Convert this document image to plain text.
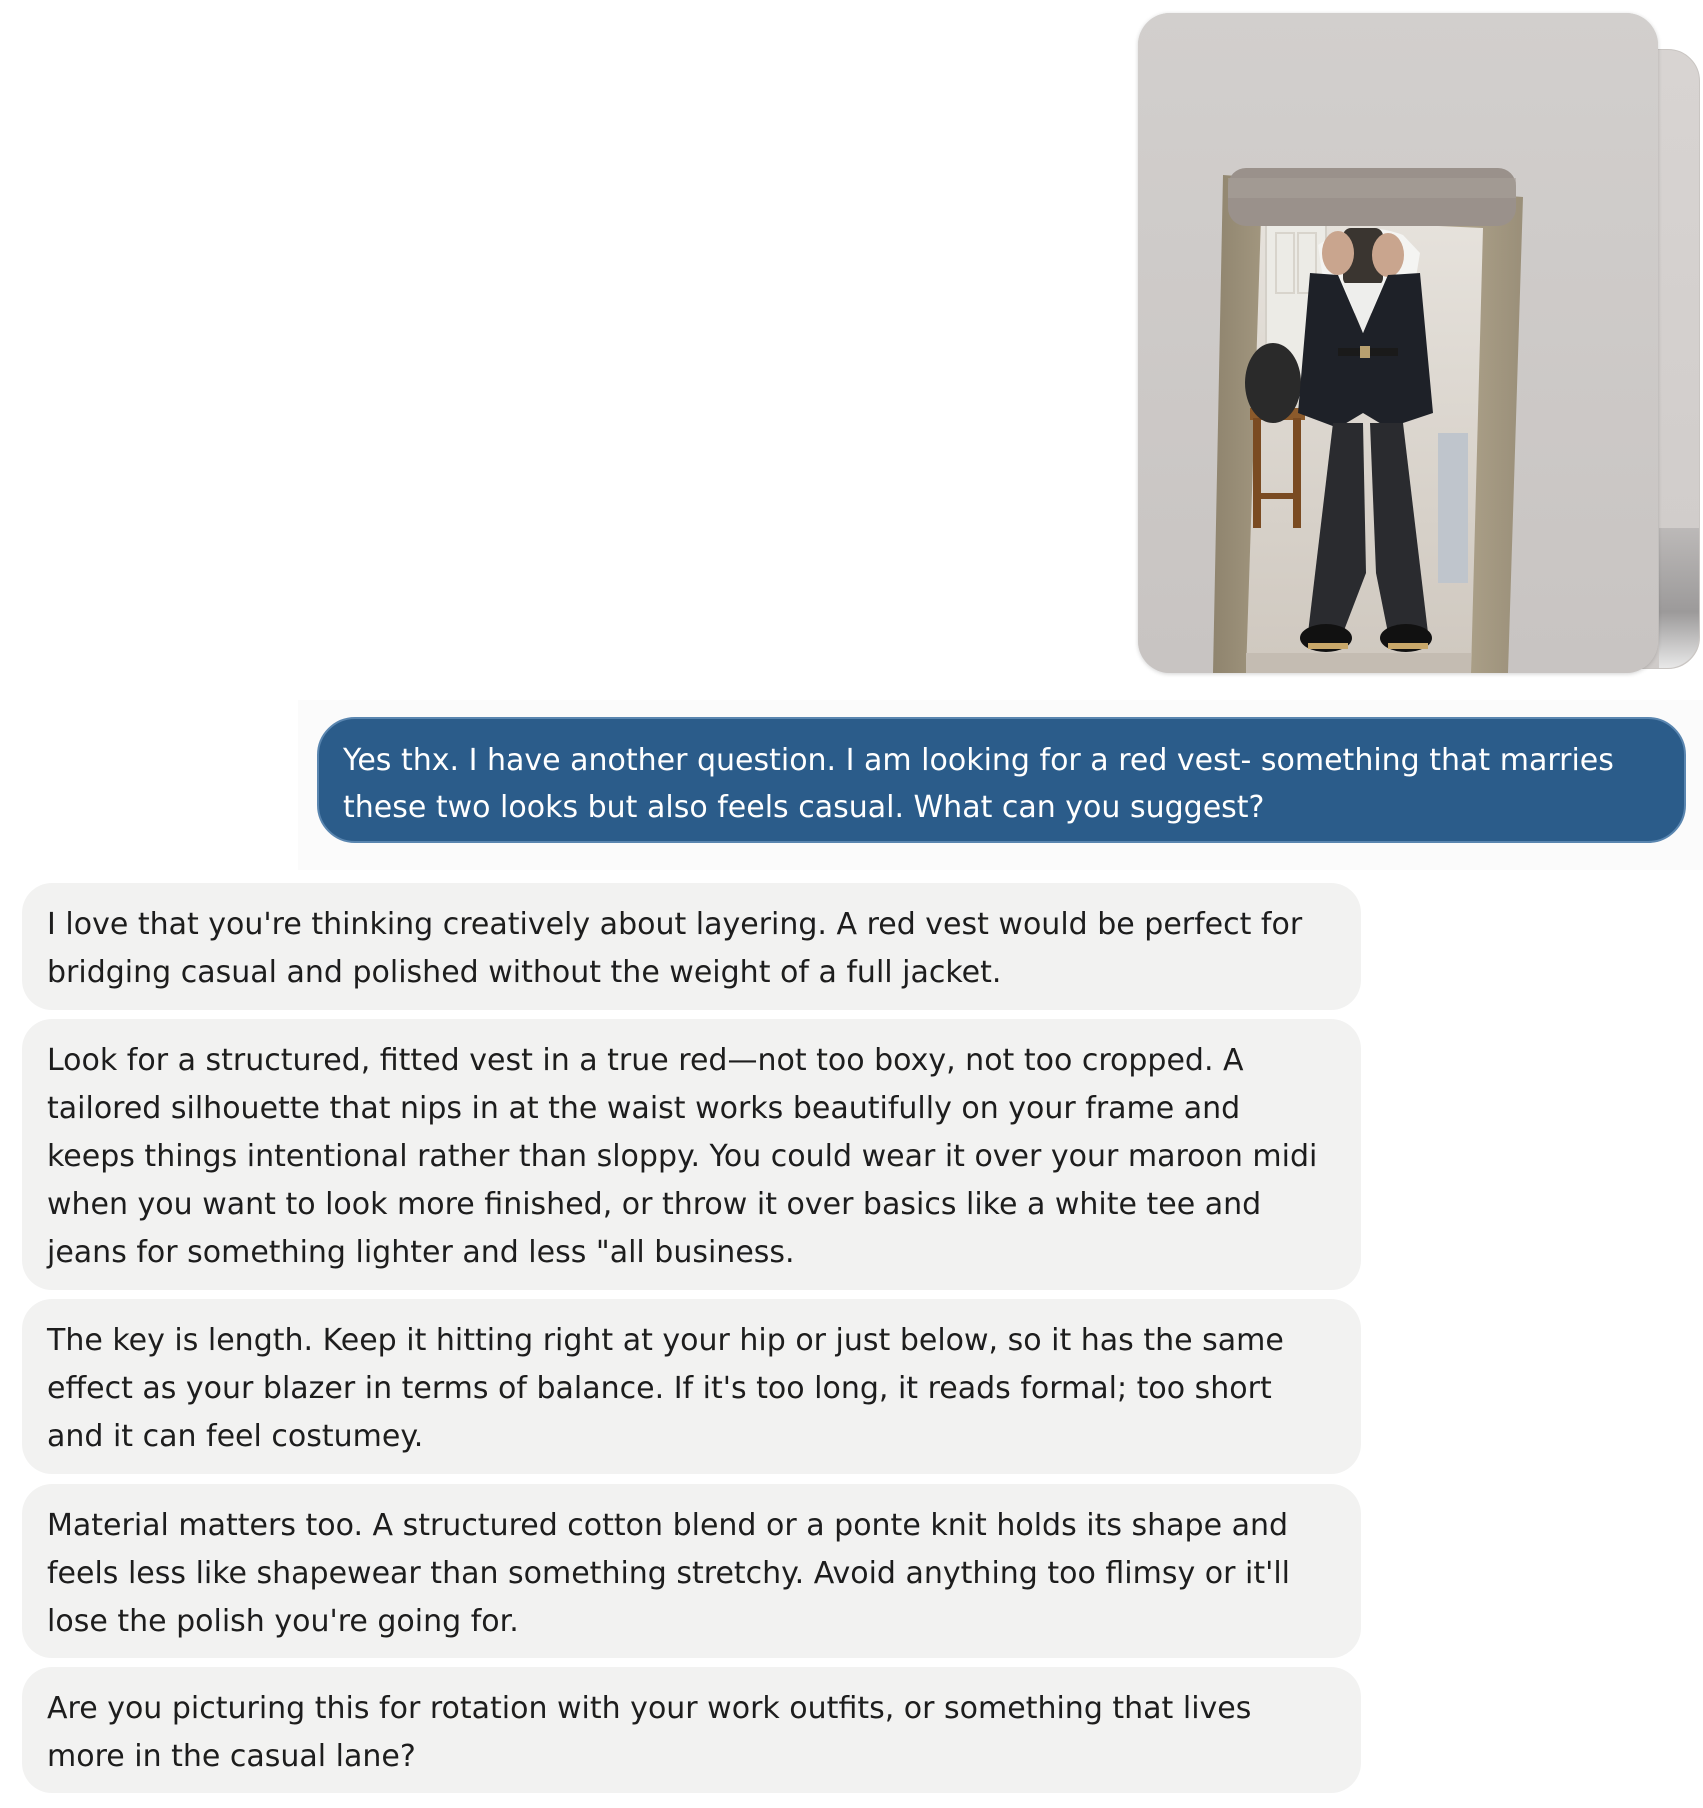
Yes thx. I have another question. I am looking for a red vest- something that marries these two looks but also feels casual. What can you suggest?
I love that you're thinking creatively about layering. A red vest would be perfect for bridging casual and polished without the weight of a full jacket.
Look for a structured, fitted vest in a true red—not too boxy, not too cropped. A tailored silhouette that nips in at the waist works beautifully on your frame and keeps things intentional rather than sloppy. You could wear it over your maroon midi when you want to look more finished, or throw it over basics like a white tee and jeans for something lighter and less "all business.
The key is length. Keep it hitting right at your hip or just below, so it has the same effect as your blazer in terms of balance. If it's too long, it reads formal; too short and it can feel costumey.
Material matters too. A structured cotton blend or a ponte knit holds its shape and feels less like shapewear than something stretchy. Avoid anything too flimsy or it'll lose the polish you're going for.
Are you picturing this for rotation with your work outfits, or something that lives more in the casual lane?
